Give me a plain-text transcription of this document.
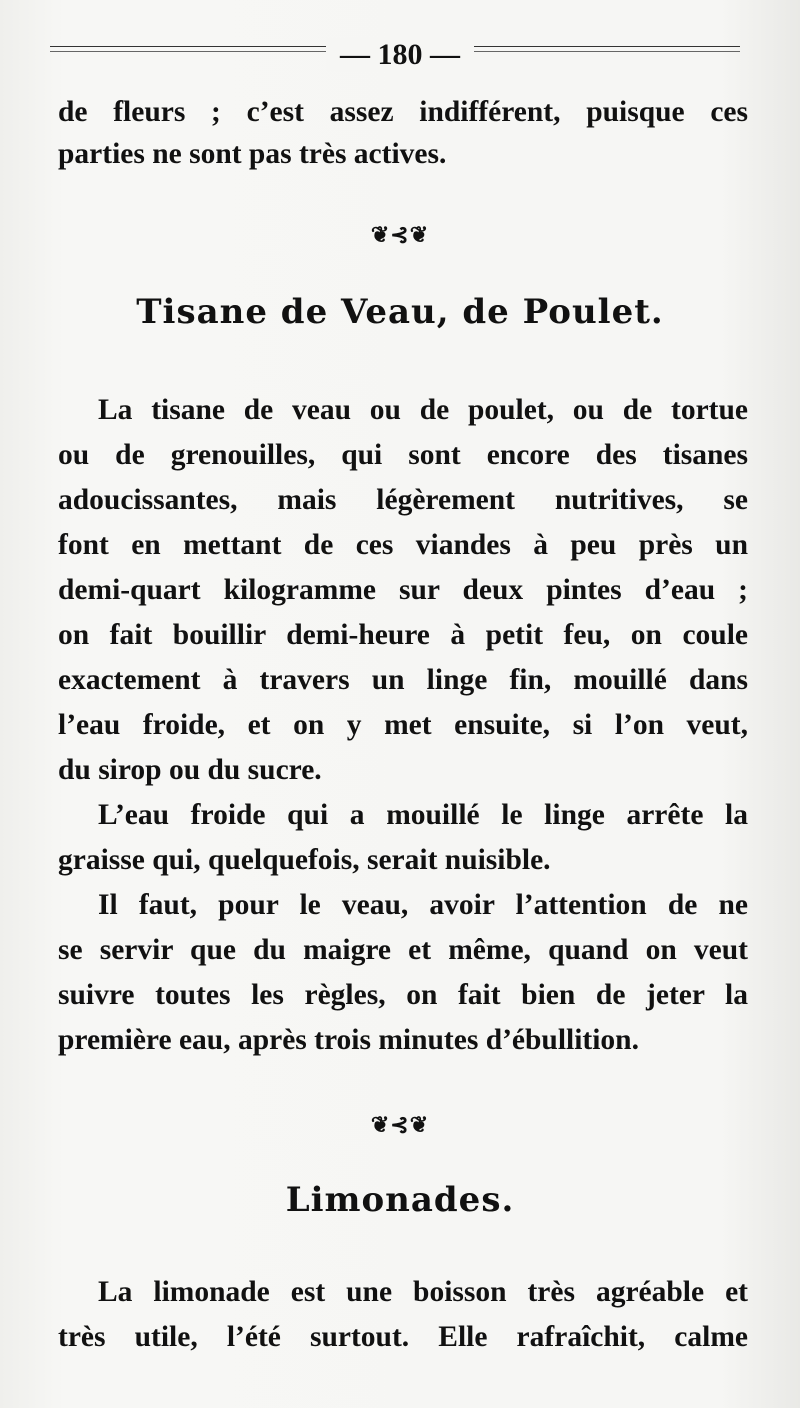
— 180 —
de fleurs ; c’est assez indifférent, puisque ces
parties ne sont pas très actives.
❦⊰❦
Tisane de Veau, de Poulet.
La tisane de veau ou de poulet, ou de tortue
ou de grenouilles, qui sont encore des tisanes
adoucissantes, mais légèrement nutritives, se
font en mettant de ces viandes à peu près un
demi-quart kilogramme sur deux pintes d’eau ;
on fait bouillir demi-heure à petit feu, on coule
exactement à travers un linge fin, mouillé dans
l’eau froide, et on y met ensuite, si l’on veut,
du sirop ou du sucre.
L’eau froide qui a mouillé le linge arrête la
graisse qui, quelquefois, serait nuisible.
Il faut, pour le veau, avoir l’attention de ne
se servir que du maigre et même, quand on veut
suivre toutes les règles, on fait bien de jeter la
première eau, après trois minutes d’ébullition.
❦⊰❦
Limonades.
La limonade est une boisson très agréable et
très utile, l’été surtout. Elle rafraîchit, calme
